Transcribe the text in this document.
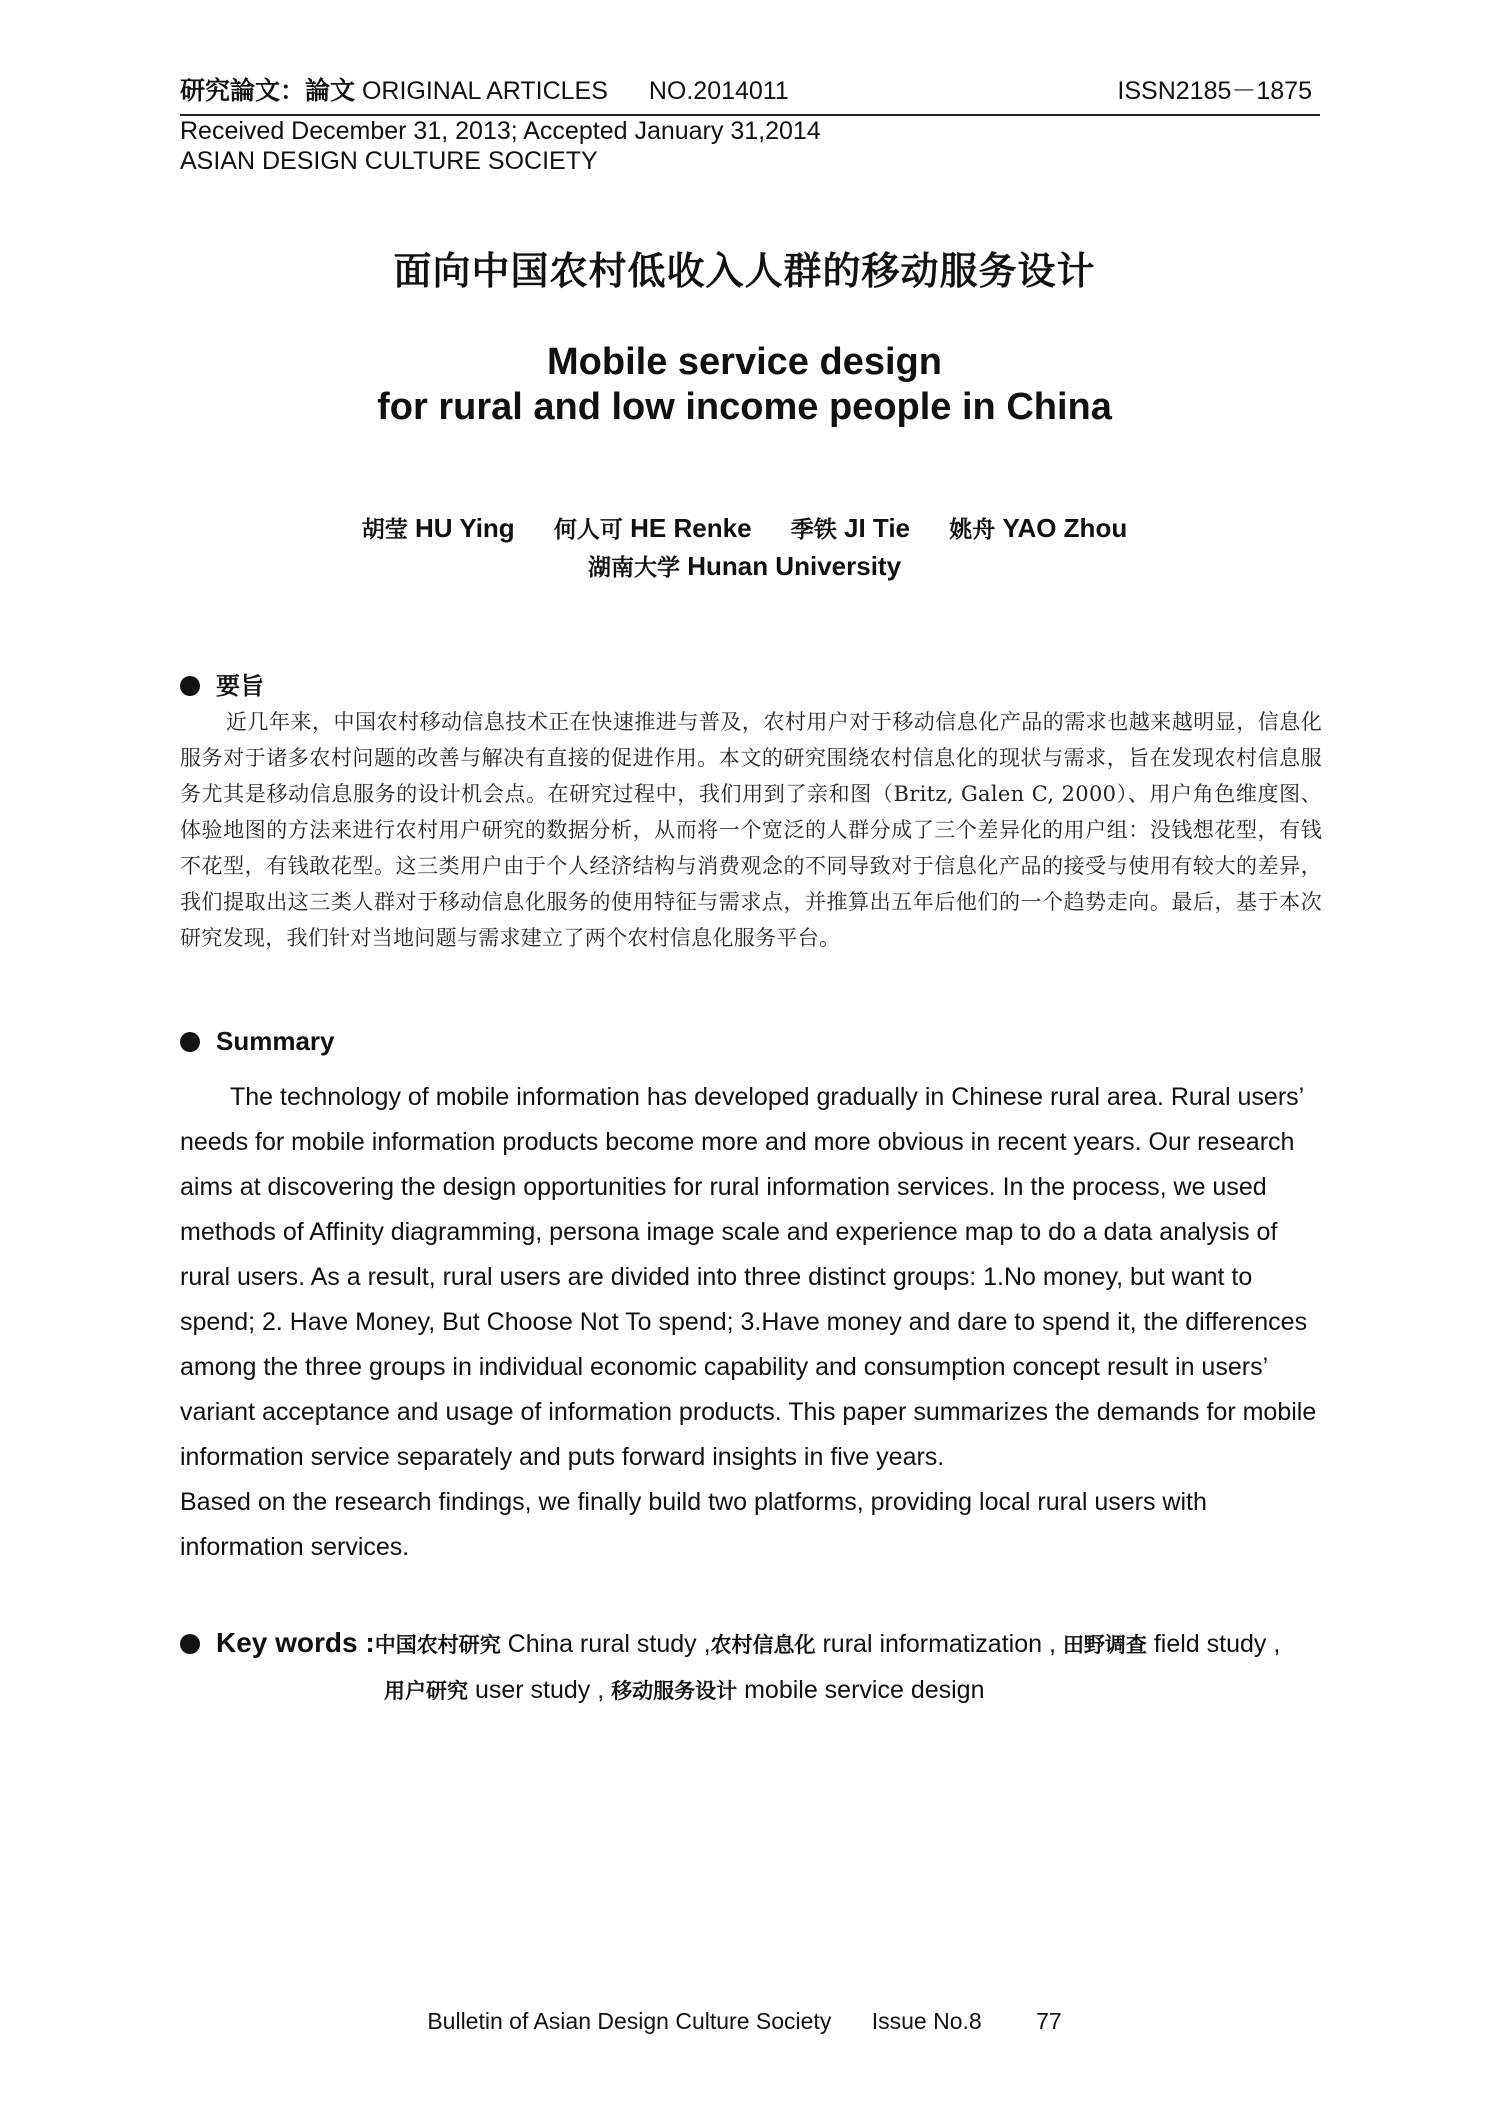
研究論文：論文 ORIGINAL ARTICLES NO.2014011	ISSN2185－1875
Received December 31, 2013; Accepted January 31,2014
ASIAN DESIGN CULTURE SOCIETY
面向中国农村低收入人群的移动服务设计
Mobile service design
for rural and low income people in China
胡莹 HU Ying 何人可 HE Renke 季铁 JI Tie 姚舟 YAO Zhou
湖南大学 Hunan University
要旨

近几年来，中国农村移动信息技术正在快速推进与普及，农村用户对于移动信息化产品的需求也越来越明显，信息化服务对于诸多农村问题的改善与解决有直接的促进作用。本文的研究围绕农村信息化的现状与需求，旨在发现农村信息服务尤其是移动信息服务的设计机会点。在研究过程中，我们用到了亲和图（Britz, Galen C, 2000）、用户角色维度图、体验地图的方法来进行农村用户研究的数据分析，从而将一个宽泛的人群分成了三个差异化的用户组：没钱想花型，有钱不花型，有钱敢花型。这三类用户由于个人经济结构与消费观念的不同导致对于信息化产品的接受与使用有较大的差异，我们提取出这三类人群对于移动信息化服务的使用特征与需求点，并推算出五年后他们的一个趋势走向。最后，基于本次研究发现，我们针对当地问题与需求建立了两个农村信息化服务平台。

Summary

The technology of mobile information has developed gradually in Chinese rural area. Rural users’ needs for mobile information products become more and more obvious in recent years. Our research aims at discovering the design opportunities for rural information services. In the process, we used methods of Affinity diagramming, persona image scale and experience map to do a data analysis of rural users. As a result, rural users are divided into three distinct groups: 1.No money, but want to spend; 2. Have Money, But Choose Not To spend; 3.Have money and dare to spend it, the differences among the three groups in individual economic capability and consumption concept result in users’ variant acceptance and usage of information products. This paper summarizes the demands for mobile information service separately and puts forward insights in five years.

Based on the research findings, we finally build two platforms, providing local rural users with information services.

Key words :中国农村研究 China rural study ,农村信息化 rural informatization , 田野调查 field study ,
用户研究 user study , 移动服务设计 mobile service design
Bulletin of Asian Design Culture Society Issue No.8 77
